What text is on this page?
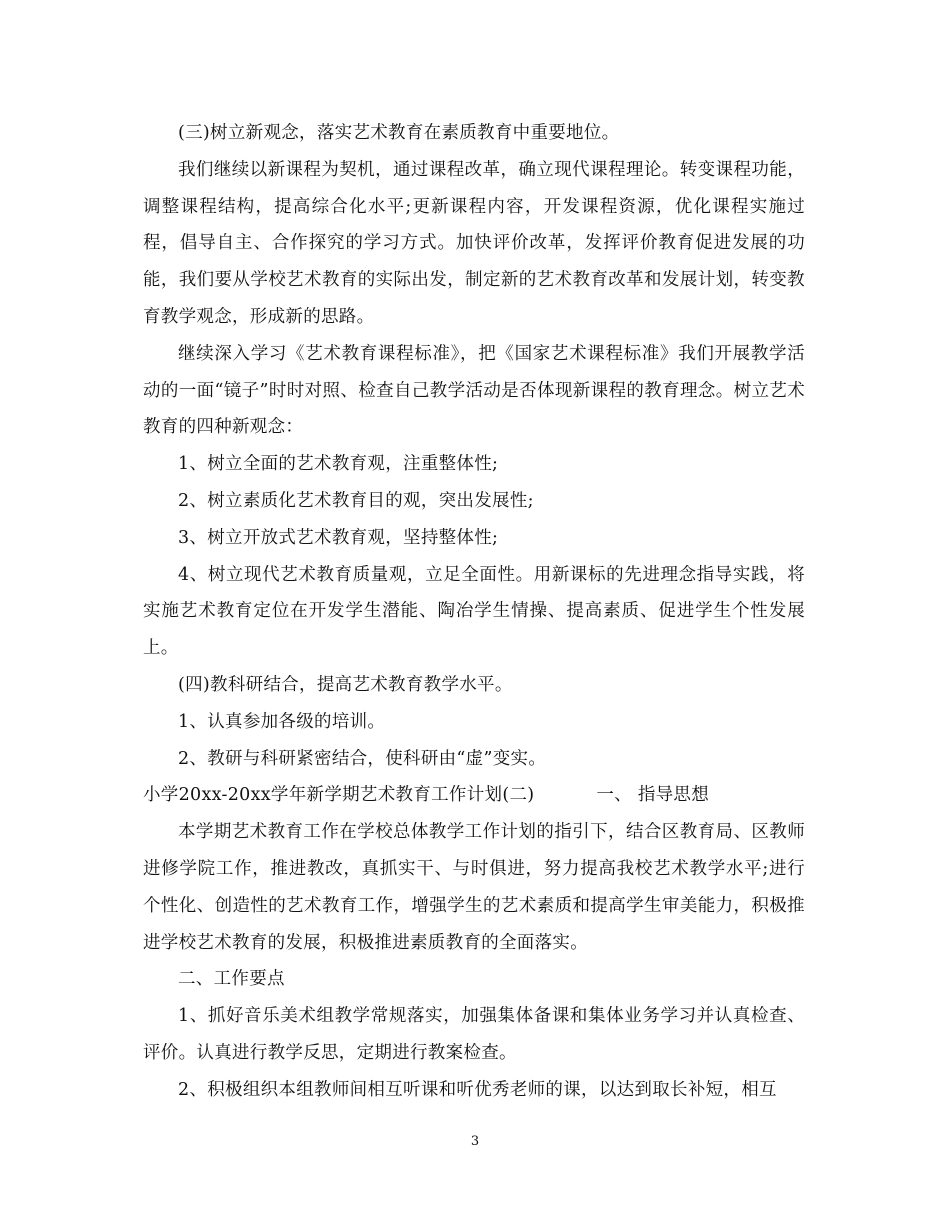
(三)树立新观念，落实艺术教育在素质教育中重要地位。

我们继续以新课程为契机，通过课程改革，确立现代课程理论。转变课程功能，调整课程结构，提高综合化水平;更新课程内容，开发课程资源，优化课程实施过程，倡导自主、合作探究的学习方式。加快评价改革，发挥评价教育促进发展的功能，我们要从学校艺术教育的实际出发，制定新的艺术教育改革和发展计划，转变教育教学观念，形成新的思路。

继续深入学习《艺术教育课程标准》，把《国家艺术课程标准》我们开展教学活动的一面“镜子”时时对照、检查自己教学活动是否体现新课程的教育理念。树立艺术教育的四种新观念：

1、树立全面的艺术教育观，注重整体性;

2、树立素质化艺术教育目的观，突出发展性;

3、树立开放式艺术教育观，坚持整体性;

4、树立现代艺术教育质量观，立足全面性。用新课标的先进理念指导实践，将实施艺术教育定位在开发学生潜能、陶冶学生情操、提高素质、促进学生个性发展上。

(四)教科研结合，提高艺术教育教学水平。

1、认真参加各级的培训。

2、教研与科研紧密结合，使科研由“虚”变实。

小学20xx-20xx学年新学期艺术教育工作计划(二)	一、 指导思想

本学期艺术教育工作在学校总体教学工作计划的指引下，结合区教育局、区教师进修学院工作，推进教改，真抓实干、与时俱进，努力提高我校艺术教学水平;进行个性化、创造性的艺术教育工作，增强学生的艺术素质和提高学生审美能力，积极推进学校艺术教育的发展，积极推进素质教育的全面落实。

二、工作要点

1、抓好音乐美术组教学常规落实，加强集体备课和集体业务学习并认真检查、评价。认真进行教学反思，定期进行教案检查。

2、积极组织本组教师间相互听课和听优秀老师的课，以达到取长补短，相互

3
